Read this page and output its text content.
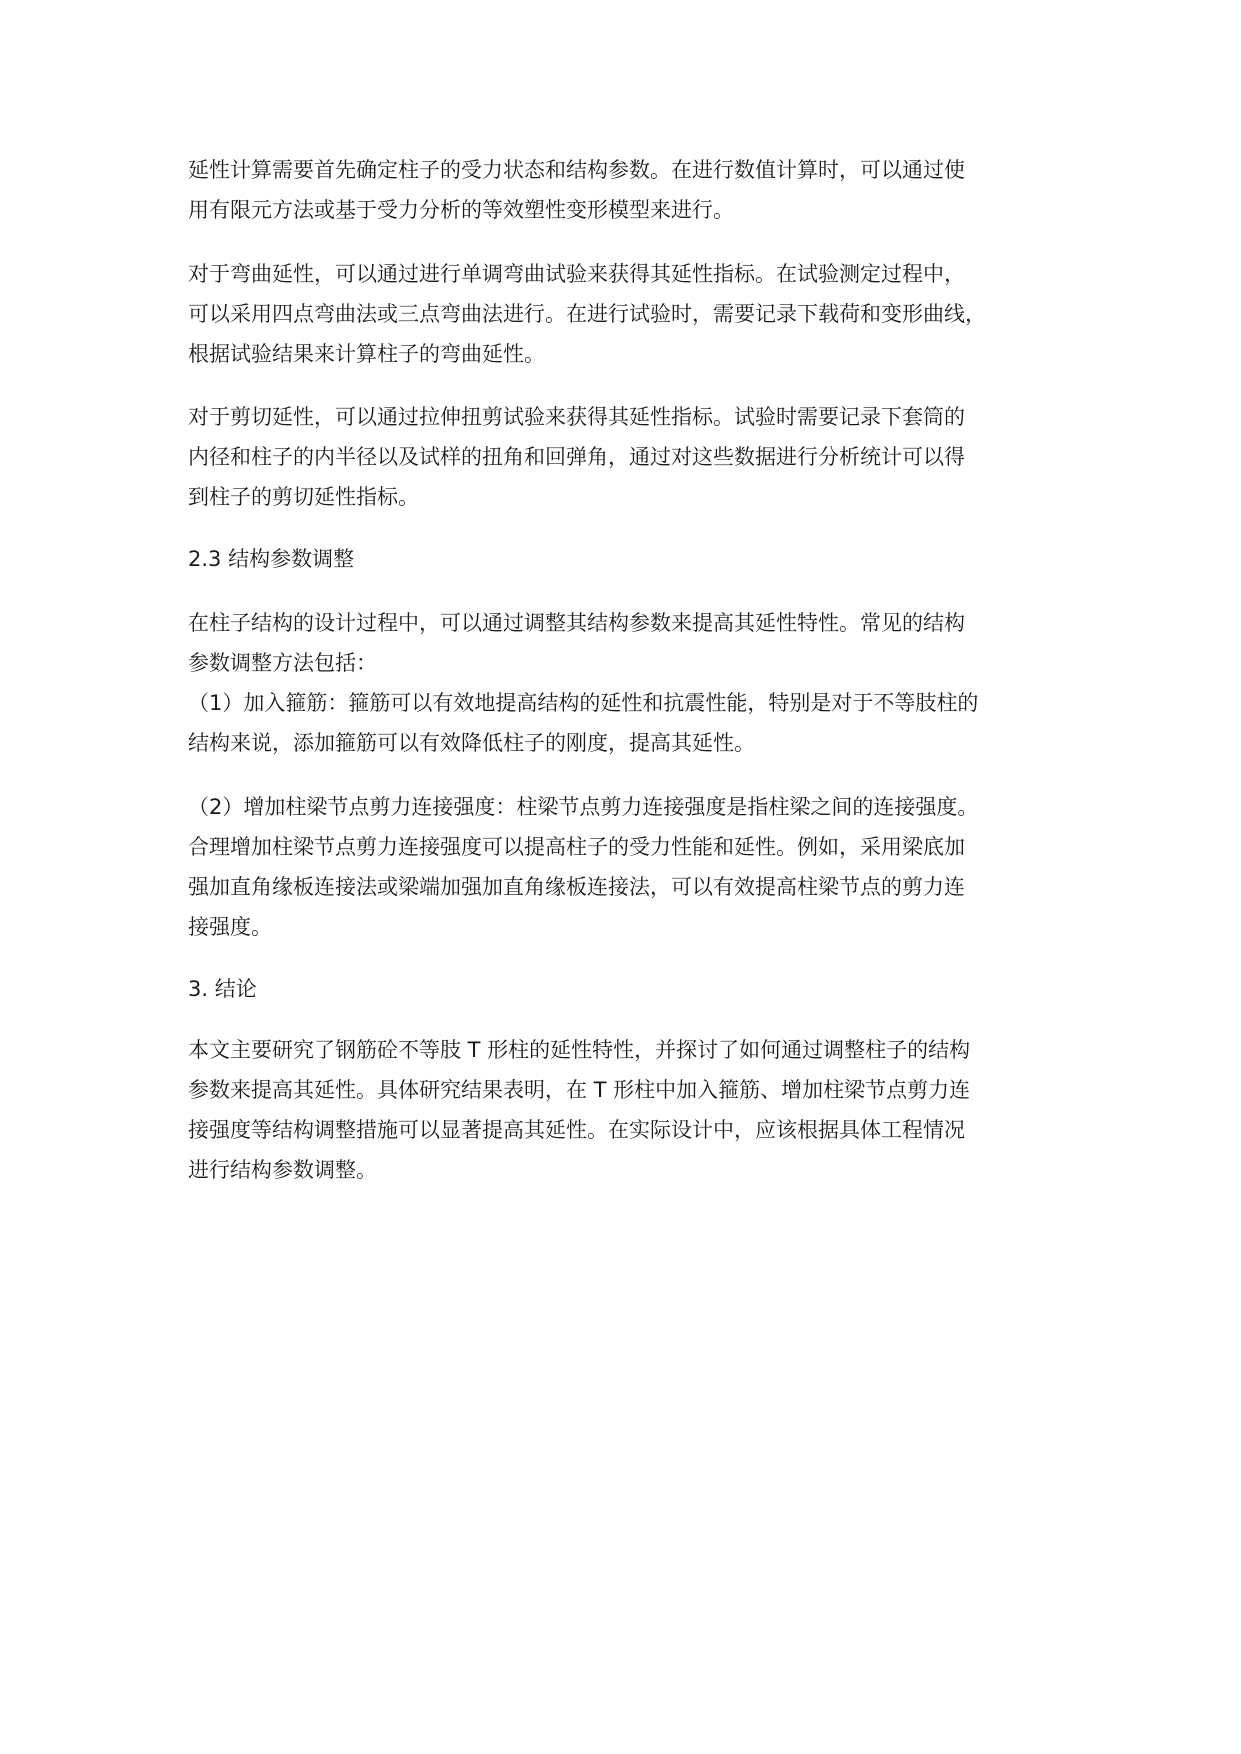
延性计算需要首先确定柱子的受力状态和结构参数。在进行数值计算时，可以通过使
用有限元方法或基于受力分析的等效塑性变形模型来进行。

对于弯曲延性，可以通过进行单调弯曲试验来获得其延性指标。在试验测定过程中，
可以采用四点弯曲法或三点弯曲法进行。在进行试验时，需要记录下载荷和变形曲线，
根据试验结果来计算柱子的弯曲延性。

对于剪切延性，可以通过拉伸扭剪试验来获得其延性指标。试验时需要记录下套筒的
内径和柱子的内半径以及试样的扭角和回弹角，通过对这些数据进行分析统计可以得
到柱子的剪切延性指标。

2.3 结构参数调整

在柱子结构的设计过程中，可以通过调整其结构参数来提高其延性特性。常见的结构
参数调整方法包括：

（1）加入箍筋：箍筋可以有效地提高结构的延性和抗震性能，特别是对于不等肢柱的
结构来说，添加箍筋可以有效降低柱子的刚度，提高其延性。

（2）增加柱梁节点剪力连接强度：柱梁节点剪力连接强度是指柱梁之间的连接强度。
合理增加柱梁节点剪力连接强度可以提高柱子的受力性能和延性。例如，采用梁底加
强加直角缘板连接法或梁端加强加直角缘板连接法，可以有效提高柱梁节点的剪力连
接强度。

3. 结论

本文主要研究了钢筋砼不等肢 T 形柱的延性特性，并探讨了如何通过调整柱子的结构
参数来提高其延性。具体研究结果表明，在 T 形柱中加入箍筋、增加柱梁节点剪力连
接强度等结构调整措施可以显著提高其延性。在实际设计中，应该根据具体工程情况
进行结构参数调整。
